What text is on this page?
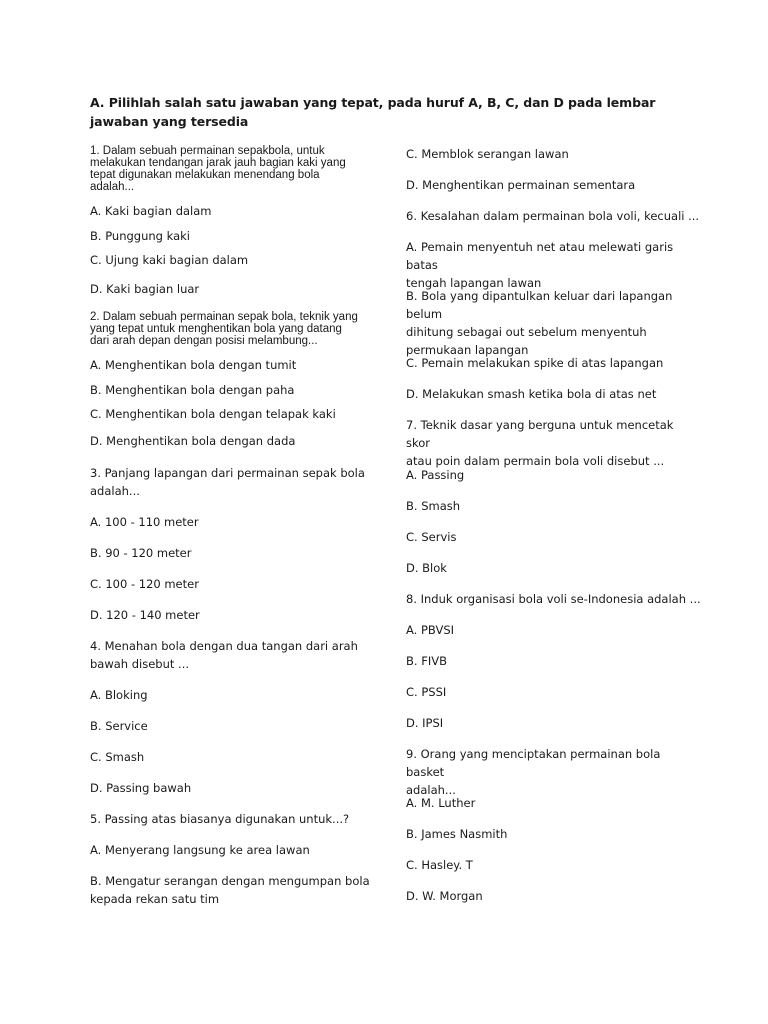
A. Pilihlah salah satu jawaban yang tepat, pada huruf A, B, C, dan D pada lembar jawaban yang tersedia
1. Dalam sebuah permainan sepakbola, untuk
melakukan tendangan jarak jauh bagian kaki yang
tepat digunakan melakukan menendang bola
adalah...
A. Kaki bagian dalam
B. Punggung kaki
C. Ujung kaki bagian dalam
D. Kaki bagian luar
2. Dalam sebuah permainan sepak bola, teknik yang
yang tepat untuk menghentikan bola yang datang
dari arah depan dengan posisi melambung...
A. Menghentikan bola dengan tumit
B. Menghentikan bola dengan paha
C. Menghentikan bola dengan telapak kaki
D. Menghentikan bola dengan dada
3. Panjang lapangan dari permainan sepak bola
adalah...
A. 100 - 110 meter
B. 90 - 120 meter
C. 100 - 120 meter
D. 120 - 140 meter
4. Menahan bola dengan dua tangan dari arah
bawah disebut ...
A. Bloking
B. Service
C. Smash
D. Passing bawah
5. Passing atas biasanya digunakan untuk...?
A. Menyerang langsung ke area lawan
B. Mengatur serangan dengan mengumpan bola
kepada rekan satu tim
C. Memblok serangan lawan
D. Menghentikan permainan sementara
6. Kesalahan dalam permainan bola voli, kecuali ...
A. Pemain menyentuh net atau melewati garis batas
tengah lapangan lawan
B. Bola yang dipantulkan keluar dari lapangan belum
dihitung sebagai out sebelum menyentuh
permukaan lapangan
C. Pemain melakukan spike di atas lapangan
D. Melakukan smash ketika bola di atas net
7. Teknik dasar yang berguna untuk mencetak skor
atau poin dalam permain bola voli disebut ...
A. Passing
B. Smash
C. Servis
D. Blok
8. Induk organisasi bola voli se-Indonesia adalah ...
A. PBVSI
B. FIVB
C. PSSI
D. IPSI
9. Orang yang menciptakan permainan bola basket
adalah...
A. M. Luther
B. James Nasmith
C. Hasley. T
D. W. Morgan
